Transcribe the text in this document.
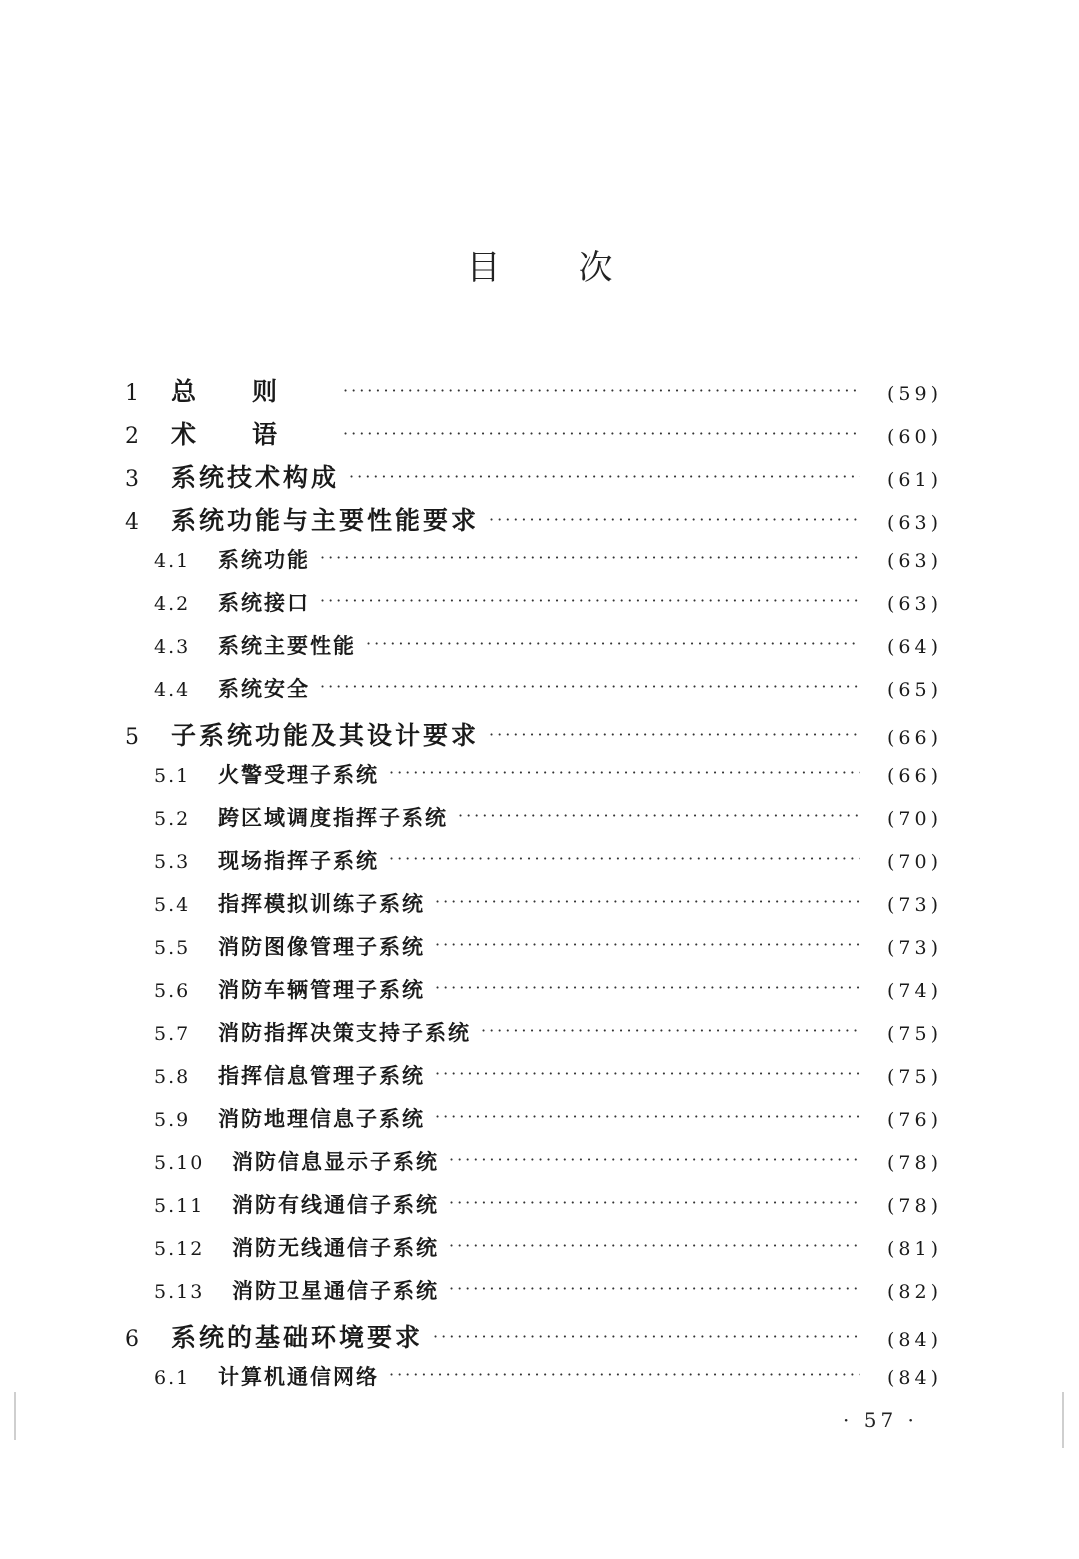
目次
1	总则 ·····	(59)
2	术语 ·····	(60)
3	系统技术构成 ·····	(61)
4	系统功能与主要性能要求 ·····	(63)
4.1	系统功能 ·····	(63)
4.2	系统接口 ·····	(63)
4.3	系统主要性能 ·····	(64)
4.4	系统安全 ·····	(65)
5	子系统功能及其设计要求 ·····	(66)
5.1	火警受理子系统 ·····	(66)
5.2	跨区域调度指挥子系统 ·····	(70)
5.3	现场指挥子系统 ·····	(70)
5.4	指挥模拟训练子系统 ·····	(73)
5.5	消防图像管理子系统 ·····	(73)
5.6	消防车辆管理子系统 ·····	(74)
5.7	消防指挥决策支持子系统 ·····	(75)
5.8	指挥信息管理子系统 ·····	(75)
5.9	消防地理信息子系统 ·····	(76)
5.10	消防信息显示子系统 ·····	(78)
5.11	消防有线通信子系统 ·····	(78)
5.12	消防无线通信子系统 ·····	(81)
5.13	消防卫星通信子系统 ·····	(82)
6	系统的基础环境要求 ·····	(84)
6.1	计算机通信网络 ·····	(84)
· 57 ·
